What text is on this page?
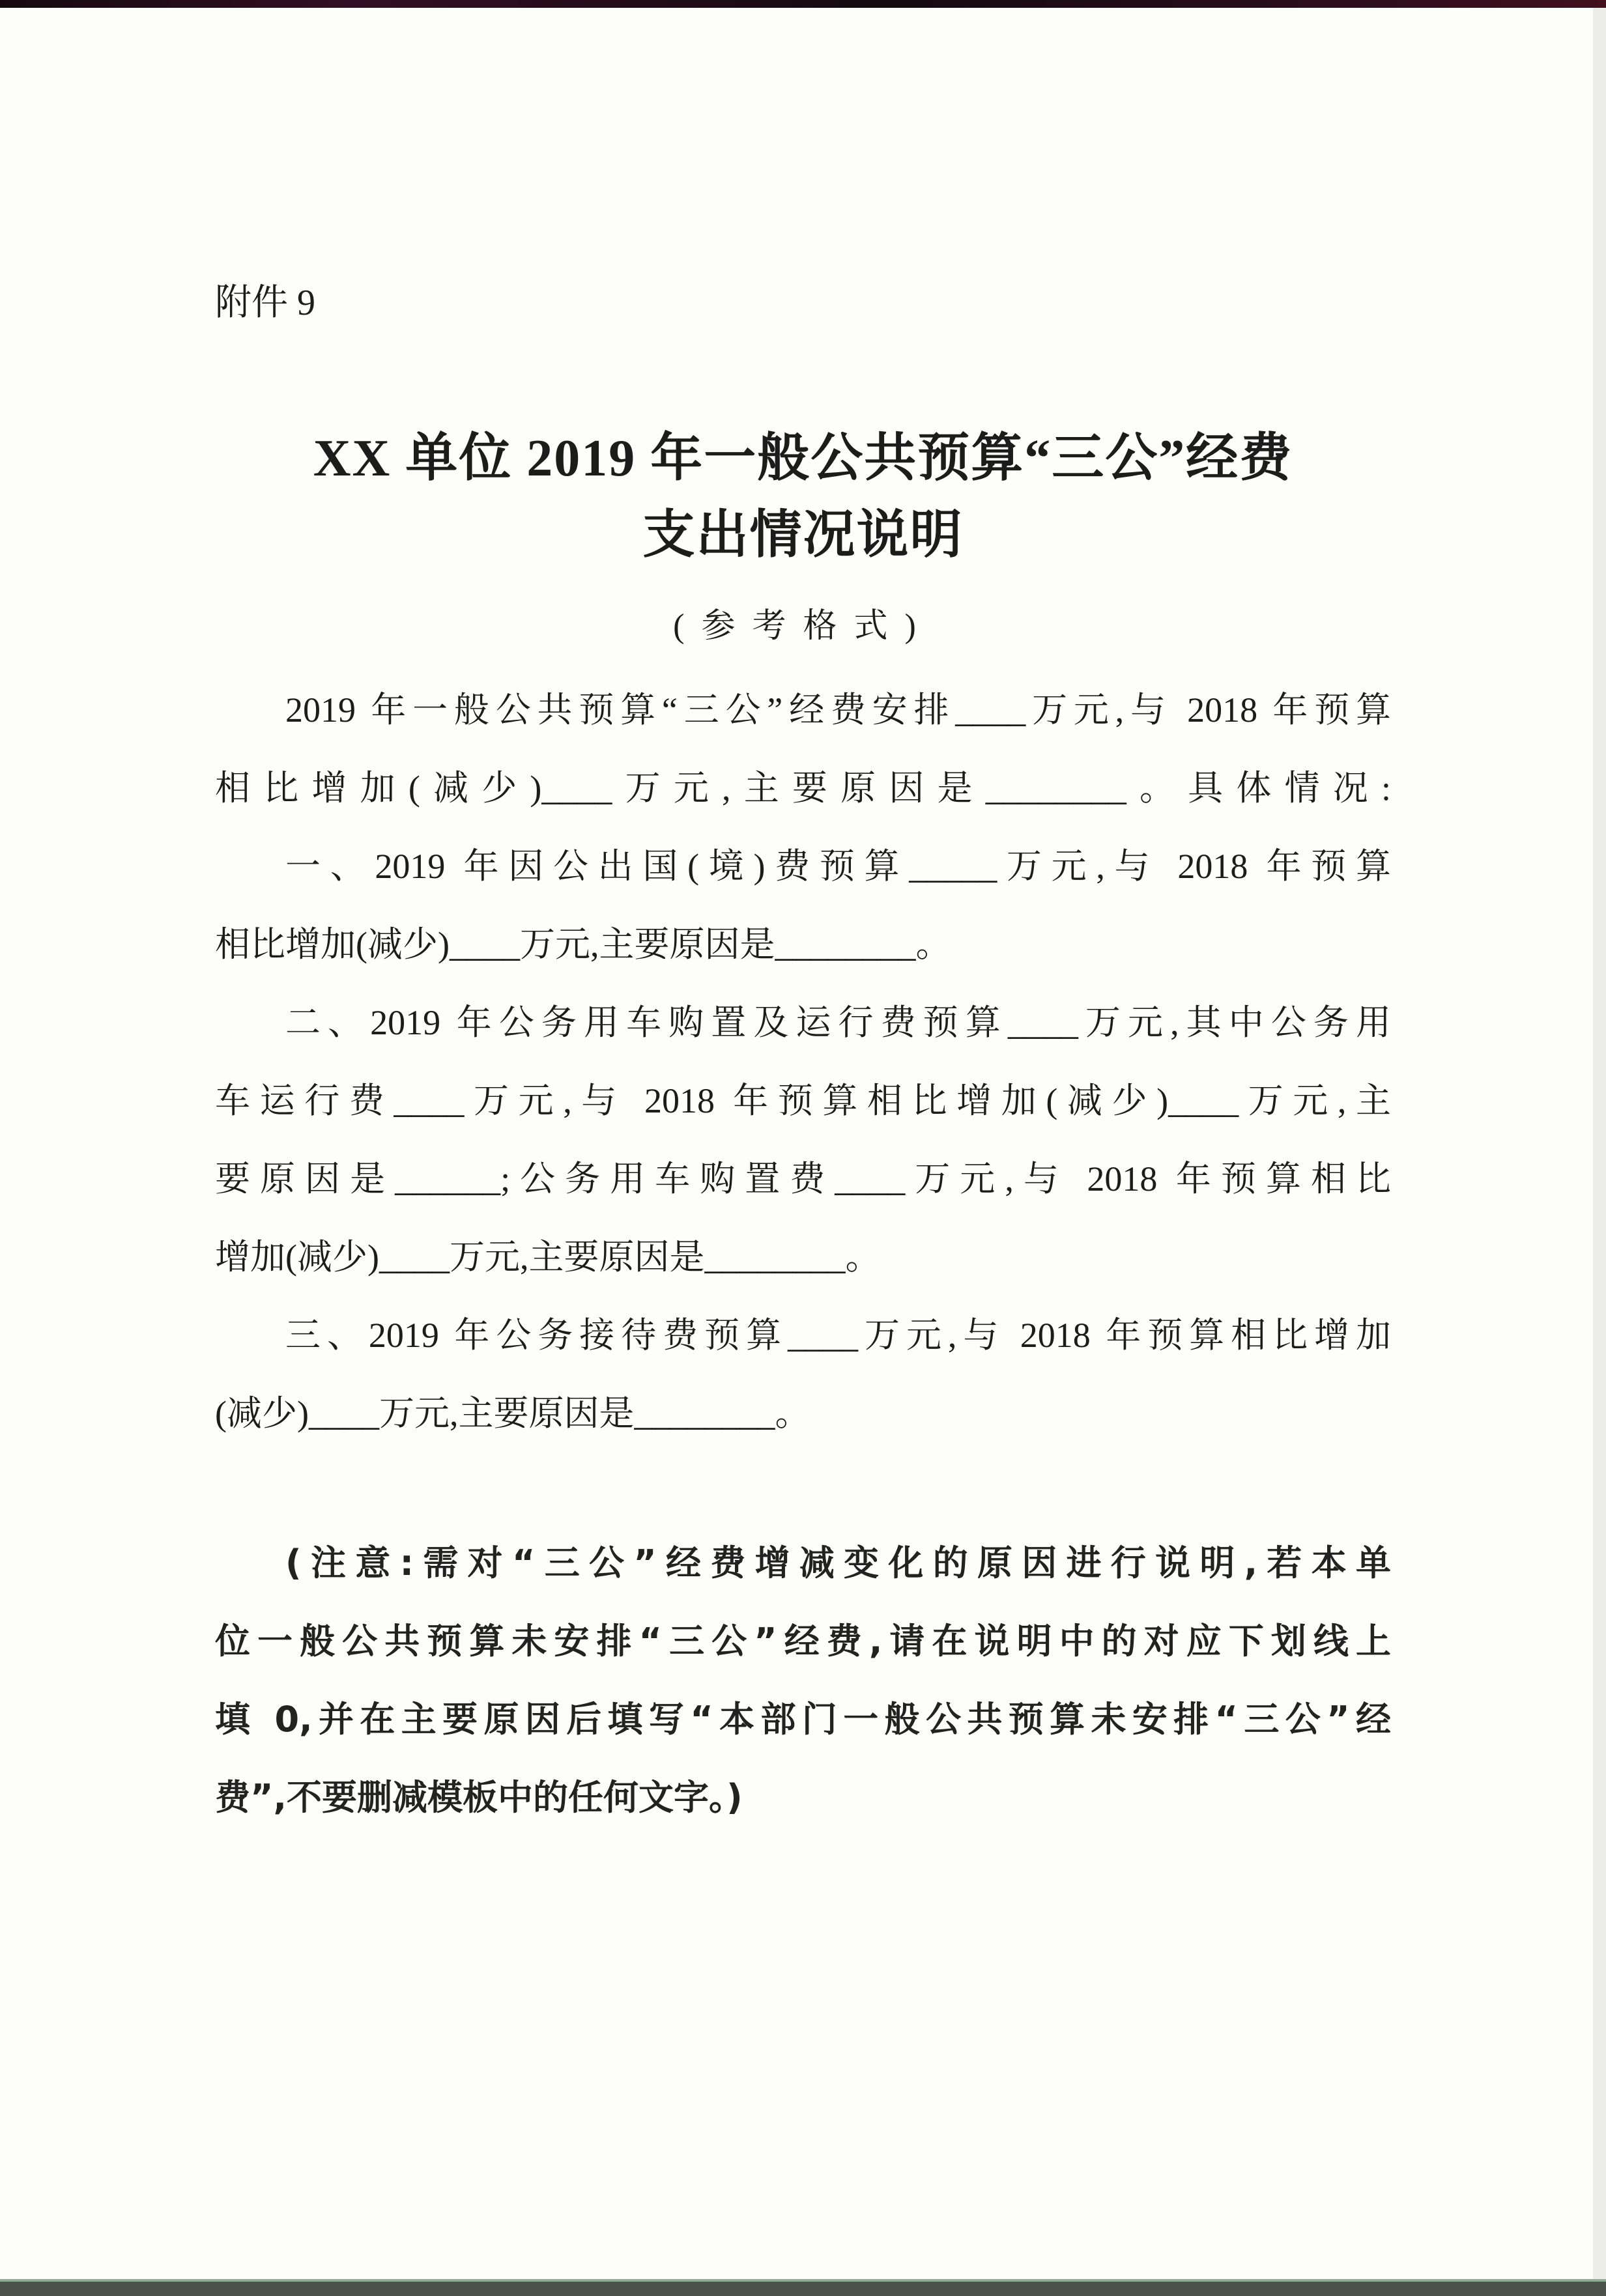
附件 9
XX 单位 2019 年一般公共预算“三公”经费
支出情况说明
(参考格式)
2019 年一般公共预算“三公”经费安排____万元,与 2018 年预算
相比增加(减少)____万元,主要原因是________。具体情况:
一、2019 年因公出国(境)费预算_____万元,与 2018 年预算
相比增加(减少)____万元,主要原因是________。
二、2019 年公务用车购置及运行费预算____万元,其中公务用
车运行费____万元,与 2018 年预算相比增加(减少)____万元,主
要原因是______;公务用车购置费____万元,与 2018 年预算相比
增加(减少)____万元,主要原因是________。
三、2019 年公务接待费预算____万元,与 2018 年预算相比增加
(减少)____万元,主要原因是________。
(注意:需对“三公”经费增减变化的原因进行说明,若本单
位一般公共预算未安排“三公”经费,请在说明中的对应下划线上
填 0,并在主要原因后填写“本部门一般公共预算未安排“三公”经
费”,不要删减模板中的任何文字。)
